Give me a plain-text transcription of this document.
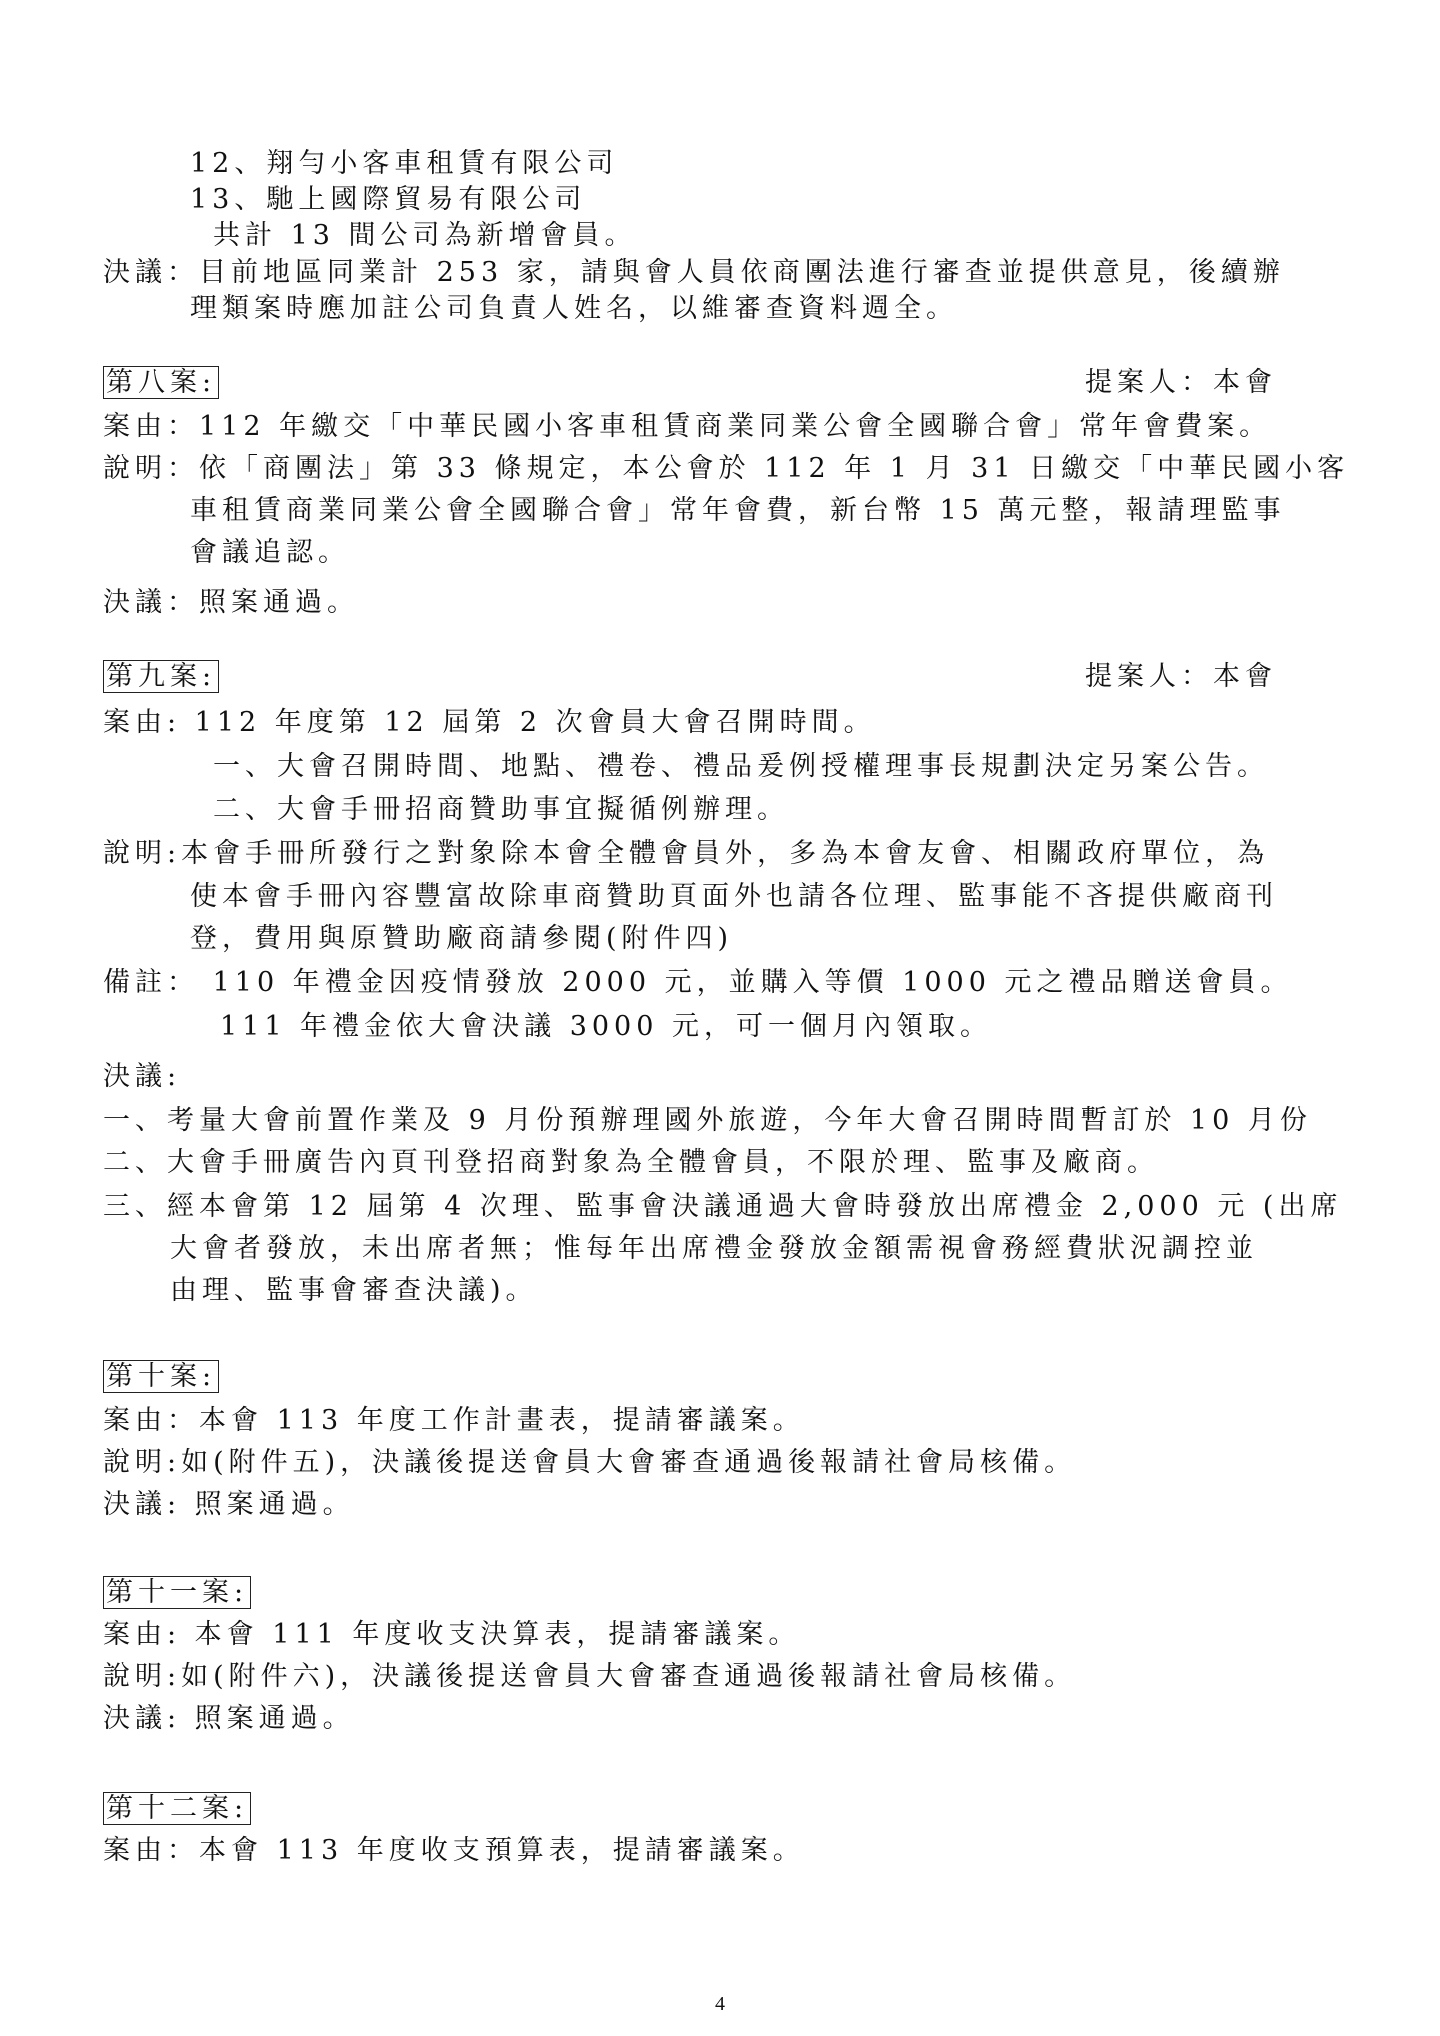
12、翔勻小客車租賃有限公司
13、馳上國際貿易有限公司
共計 13 間公司為新增會員。
決議：目前地區同業計 253 家，請與會人員依商團法進行審查並提供意見，後續辦
理類案時應加註公司負責人姓名，以維審查資料週全。
提案人：本會
第八案:
案由：112 年繳交「中華民國小客車租賃商業同業公會全國聯合會」常年會費案。
說明：依「商團法」第 33 條規定，本公會於 112 年 1 月 31 日繳交「中華民國小客
車租賃商業同業公會全國聯合會」常年會費，新台幣 15 萬元整，報請理監事
會議追認。
決議：照案通過。
提案人：本會
第九案:
案由: 112 年度第 12 屆第 2 次會員大會召開時間。
一、大會召開時間、地點、禮卷、禮品爰例授權理事長規劃決定另案公告。
二、大會手冊招商贊助事宜擬循例辦理。
說明:本會手冊所發行之對象除本會全體會員外，多為本會友會、相關政府單位，為
使本會手冊內容豐富故除車商贊助頁面外也請各位理、監事能不吝提供廠商刊
登，費用與原贊助廠商請參閱(附件四)
備註： 110 年禮金因疫情發放 2000 元，並購入等價 1000 元之禮品贈送會員。
111 年禮金依大會決議 3000 元，可一個月內領取。
決議:
一、考量大會前置作業及 9 月份預辦理國外旅遊，今年大會召開時間暫訂於 10 月份
二、大會手冊廣告內頁刊登招商對象為全體會員，不限於理、監事及廠商。
三、經本會第 12 屆第 4 次理、監事會決議通過大會時發放出席禮金 2,000 元 (出席
大會者發放，未出席者無；惟每年出席禮金發放金額需視會務經費狀況調控並
由理、監事會審查決議)。
第十案:
案由：本會 113 年度工作計畫表，提請審議案。
說明:如(附件五)，決議後提送會員大會審查通過後報請社會局核備。
決議: 照案通過。
第十一案:
案由: 本會 111 年度收支決算表，提請審議案。
說明:如(附件六)，決議後提送會員大會審查通過後報請社會局核備。
決議: 照案通過。
第十二案:
案由：本會 113 年度收支預算表，提請審議案。
4
